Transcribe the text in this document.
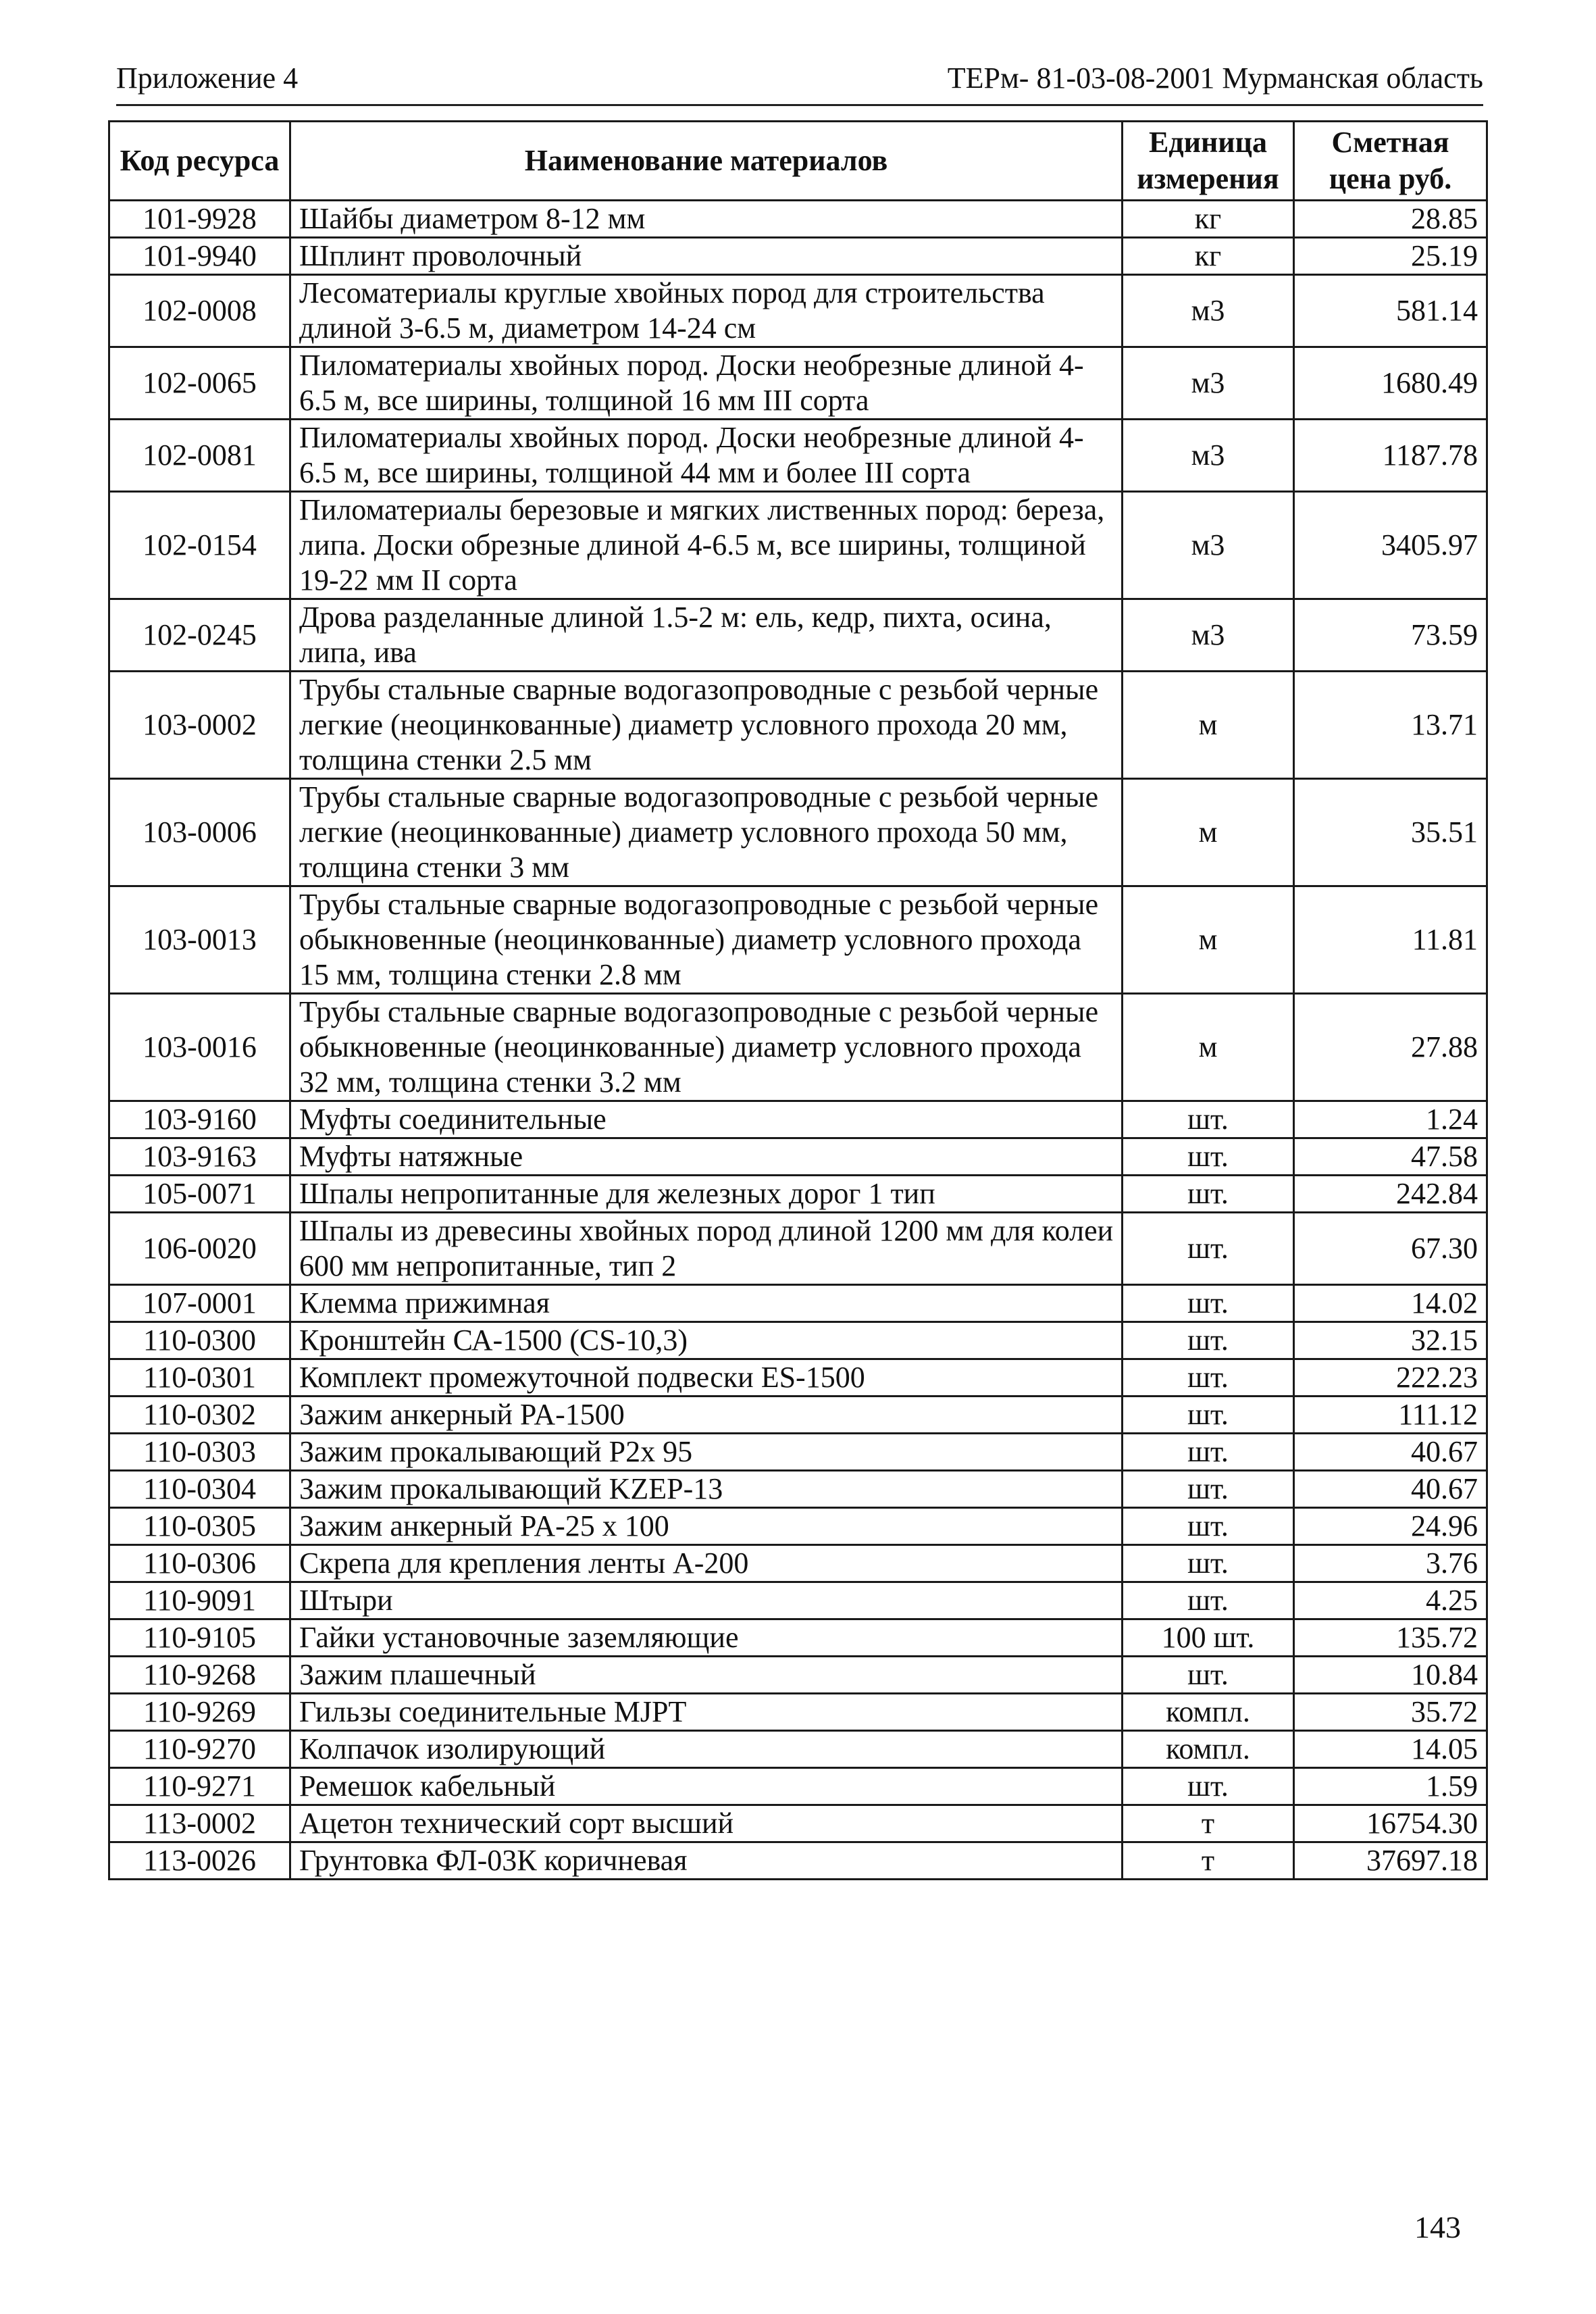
Приложение 4	ТЕРм- 81-03-08-2001 Мурманская область
Код ресурса	Наименование материалов	Единица измерения	Сметная цена руб.
101-9928	Шайбы диаметром 8-12 мм	кг	28.85
101-9940	Шплинт проволочный	кг	25.19
102-0008	Лесоматериалы круглые хвойных пород для строительства длиной 3-6.5 м, диаметром 14-24 см	м3	581.14
102-0065	Пиломатериалы хвойных пород. Доски необрезные длиной 4-6.5 м, все ширины, толщиной 16 мм III сорта	м3	1680.49
102-0081	Пиломатериалы хвойных пород. Доски необрезные длиной 4-6.5 м, все ширины, толщиной 44 мм и более III сорта	м3	1187.78
102-0154	Пиломатериалы березовые и мягких лиственных пород: береза, липа. Доски обрезные длиной 4-6.5 м, все ширины, толщиной 19-22 мм II сорта	м3	3405.97
102-0245	Дрова разделанные длиной 1.5-2 м: ель, кедр, пихта, осина, липа, ива	м3	73.59
103-0002	Трубы стальные сварные водогазопроводные с резьбой черные легкие (неоцинкованные) диаметр условного прохода 20 мм, толщина стенки 2.5 мм	м	13.71
103-0006	Трубы стальные сварные водогазопроводные с резьбой черные легкие (неоцинкованные) диаметр условного прохода 50 мм, толщина стенки 3 мм	м	35.51
103-0013	Трубы стальные сварные водогазопроводные с резьбой черные обыкновенные (неоцинкованные) диаметр условного прохода 15 мм, толщина стенки 2.8 мм	м	11.81
103-0016	Трубы стальные сварные водогазопроводные с резьбой черные обыкновенные (неоцинкованные) диаметр условного прохода 32 мм, толщина стенки 3.2 мм	м	27.88
103-9160	Муфты соединительные	шт.	1.24
103-9163	Муфты натяжные	шт.	47.58
105-0071	Шпалы непропитанные для железных дорог 1 тип	шт.	242.84
106-0020	Шпалы из древесины хвойных пород длиной 1200 мм для колеи 600 мм непропитанные, тип 2	шт.	67.30
107-0001	Клемма прижимная	шт.	14.02
110-0300	Кронштейн СА-1500 (CS-10,3)	шт.	32.15
110-0301	Комплект промежуточной подвески ES-1500	шт.	222.23
110-0302	Зажим анкерный PA-1500	шт.	111.12
110-0303	Зажим прокалывающий P2x 95	шт.	40.67
110-0304	Зажим прокалывающий KZEP-13	шт.	40.67
110-0305	Зажим анкерный PA-25 x 100	шт.	24.96
110-0306	Скрепа для крепления ленты А-200	шт.	3.76
110-9091	Штыри	шт.	4.25
110-9105	Гайки установочные заземляющие	100 шт.	135.72
110-9268	Зажим плашечный	шт.	10.84
110-9269	Гильзы соединительные MJPT	компл.	35.72
110-9270	Колпачок изолирующий	компл.	14.05
110-9271	Ремешок кабельный	шт.	1.59
113-0002	Ацетон технический сорт высший	т	16754.30
113-0026	Грунтовка ФЛ-03К коричневая	т	37697.18
143
